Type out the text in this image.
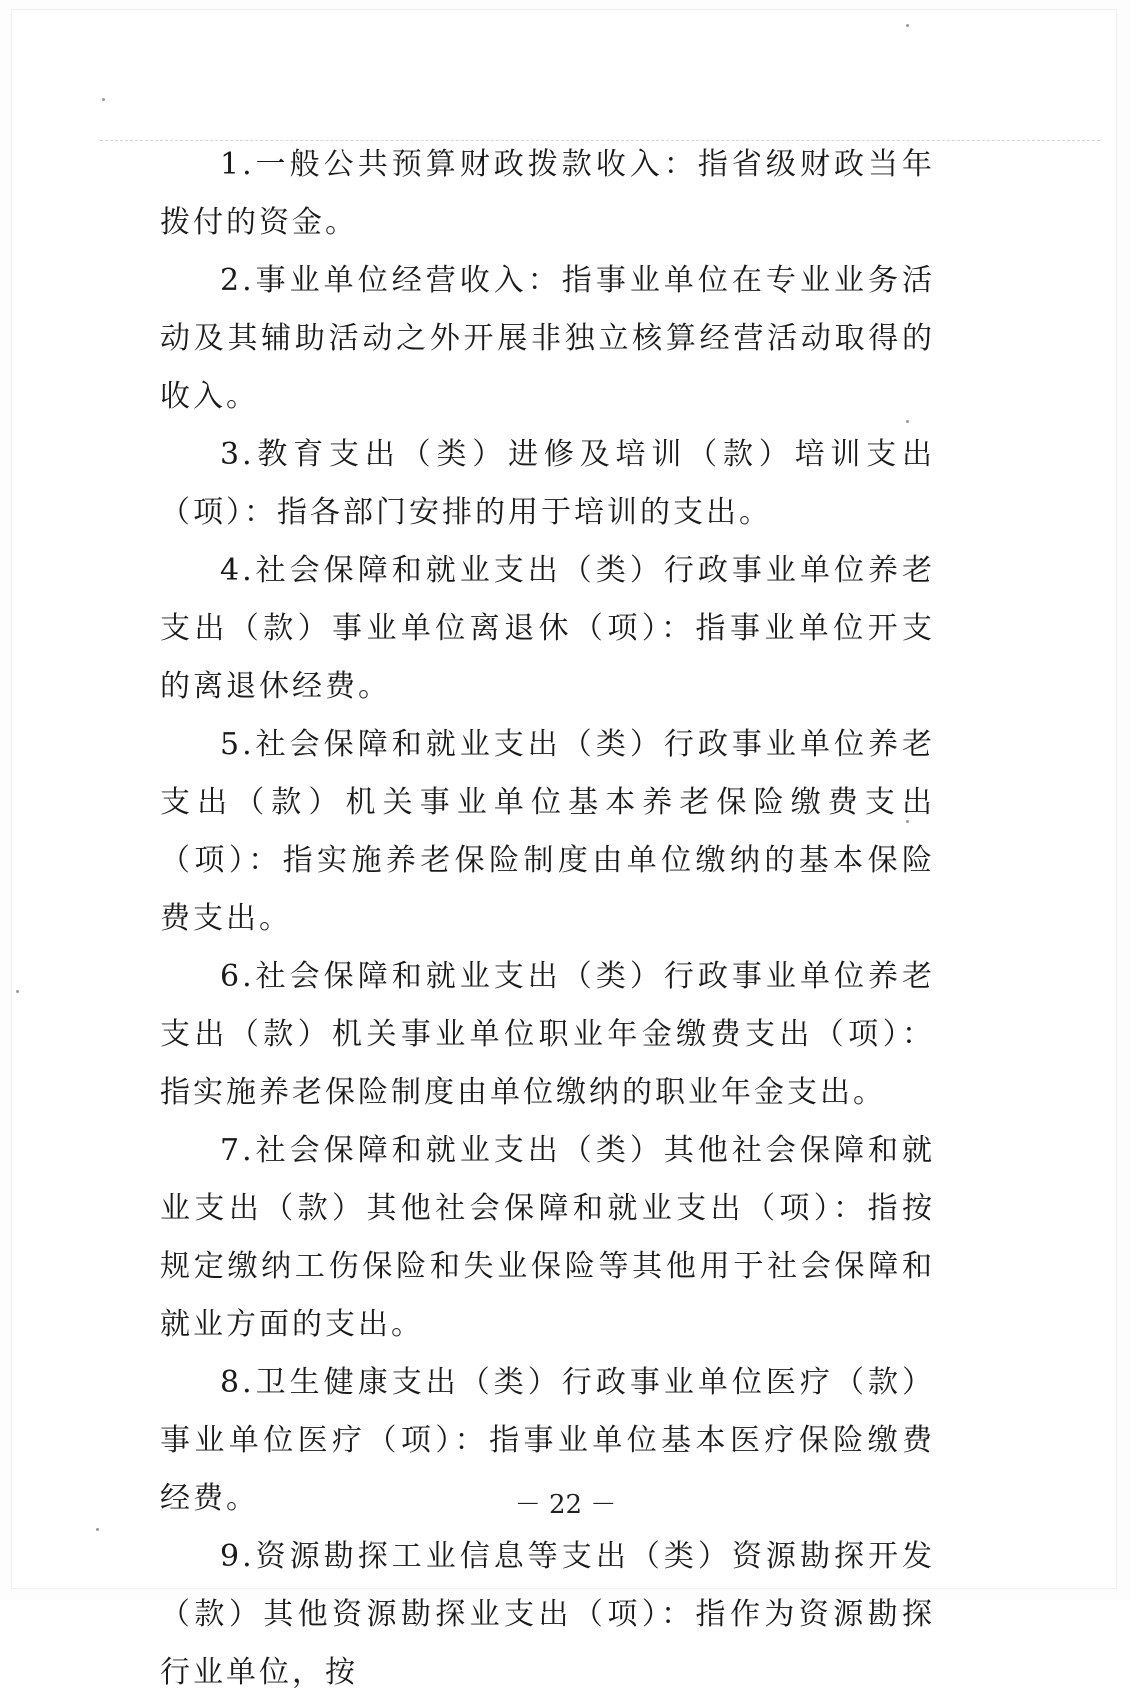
1.一般公共预算财政拨款收入：指省级财政当年拨付的资金。

2.事业单位经营收入：指事业单位在专业业务活动及其辅助活动之外开展非独立核算经营活动取得的收入。

3.教育支出（类）进修及培训（款）培训支出（项）：指各部门安排的用于培训的支出。

4.社会保障和就业支出（类）行政事业单位养老支出（款）事业单位离退休（项）：指事业单位开支的离退休经费。

5.社会保障和就业支出（类）行政事业单位养老支出（款）机关事业单位基本养老保险缴费支出（项）：指实施养老保险制度由单位缴纳的基本保险费支出。

6.社会保障和就业支出（类）行政事业单位养老支出（款）机关事业单位职业年金缴费支出（项）：指实施养老保险制度由单位缴纳的职业年金支出。

7.社会保障和就业支出（类）其他社会保障和就业支出（款）其他社会保障和就业支出（项）：指按规定缴纳工伤保险和失业保险等其他用于社会保障和就业方面的支出。

8.卫生健康支出（类）行政事业单位医疗（款）事业单位医疗（项）：指事业单位基本医疗保险缴费经费。

9.资源勘探工业信息等支出（类）资源勘探开发（款）其他资源勘探业支出（项）：指作为资源勘探行业单位，按

－ 22 －
